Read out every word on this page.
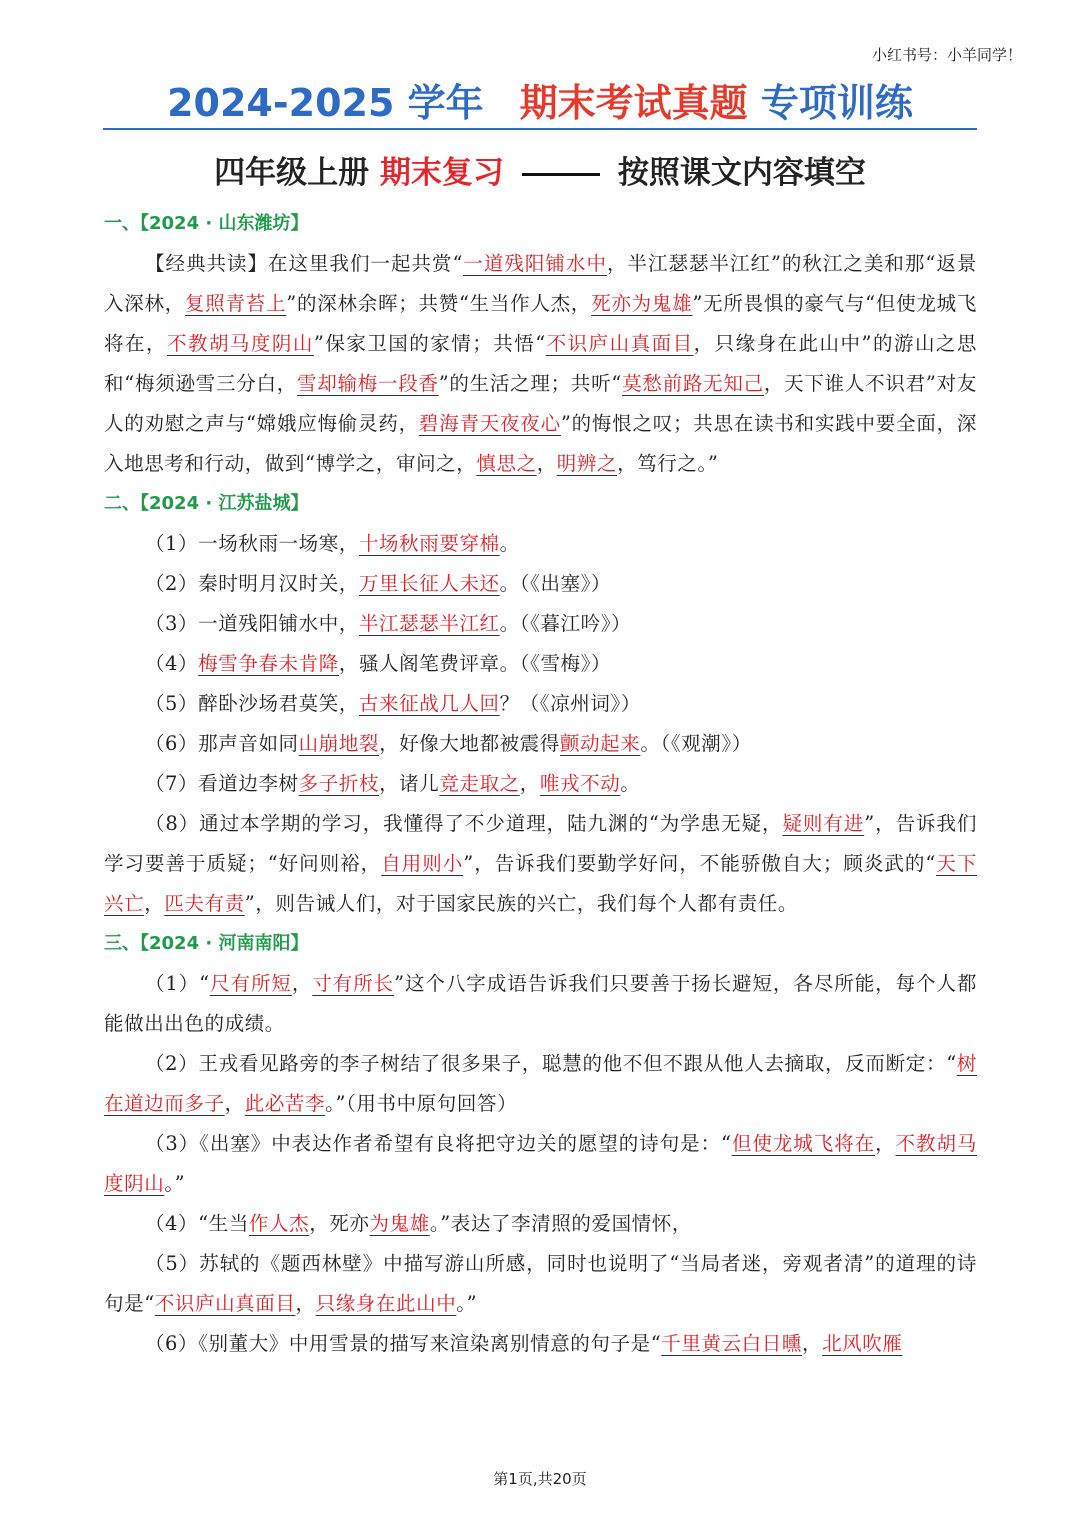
小红书号：小羊同学！
2024-2025 学年 期末考试真题 专项训练
四年级上册 期末复习	按照课文内容填空
一、【2024 · 山东潍坊】
【经典共读】在这里我们一起共赏“一道残阳铺水中，半江瑟瑟半江红”的秋江之美和那“返景入深林，复照青苔上”的深林余晖；共赞“生当作人杰，死亦为鬼雄”无所畏惧的豪气与“但使龙城飞将在，不教胡马度阴山”保家卫国的家情；共悟“不识庐山真面目，只缘身在此山中”的游山之思和“梅须逊雪三分白，雪却输梅一段香”的生活之理；共听“莫愁前路无知己，天下谁人不识君”对友人的劝慰之声与“嫦娥应悔偷灵药，碧海青天夜夜心”的悔恨之叹；共思在读书和实践中要全面，深入地思考和行动，做到“博学之，审问之，慎思之，明辨之，笃行之。”
二、【2024 · 江苏盐城】
（1）一场秋雨一场寒，十场秋雨要穿棉。
（2）秦时明月汉时关，万里长征人未还。（《出塞》）
（3）一道残阳铺水中，半江瑟瑟半江红。（《暮江吟》）
（4）梅雪争春未肯降，骚人阁笔费评章。（《雪梅》）
（5）醉卧沙场君莫笑，古来征战几人回？（《凉州词》）
（6）那声音如同山崩地裂，好像大地都被震得颤动起来。（《观潮》）
（7）看道边李树多子折枝，诸儿竞走取之，唯戎不动。
（8）通过本学期的学习，我懂得了不少道理，陆九渊的“为学患无疑，疑则有进”，告诉我们学习要善于质疑；“好问则裕，自用则小”，告诉我们要勤学好问，不能骄傲自大；顾炎武的“天下兴亡，匹夫有责”，则告诫人们，对于国家民族的兴亡，我们每个人都有责任。
三、【2024 · 河南南阳】
（1）“尺有所短，寸有所长”这个八字成语告诉我们只要善于扬长避短，各尽所能，每个人都能做出出色的成绩。
（2）王戎看见路旁的李子树结了很多果子，聪慧的他不但不跟从他人去摘取，反而断定：“树在道边而多子，此必苦李。”（用书中原句回答）
（3）《出塞》中表达作者希望有良将把守边关的愿望的诗句是：“但使龙城飞将在，不教胡马度阴山。”
（4）“生当作人杰，死亦为鬼雄。”表达了李清照的爱国情怀，
（5）苏轼的《题西林壁》中描写游山所感，同时也说明了“当局者迷，旁观者清”的道理的诗句是“不识庐山真面目，只缘身在此山中。”
（6）《别董大》中用雪景的描写来渲染离别情意的句子是“千里黄云白日曛，北风吹雁
第1页,共20页
